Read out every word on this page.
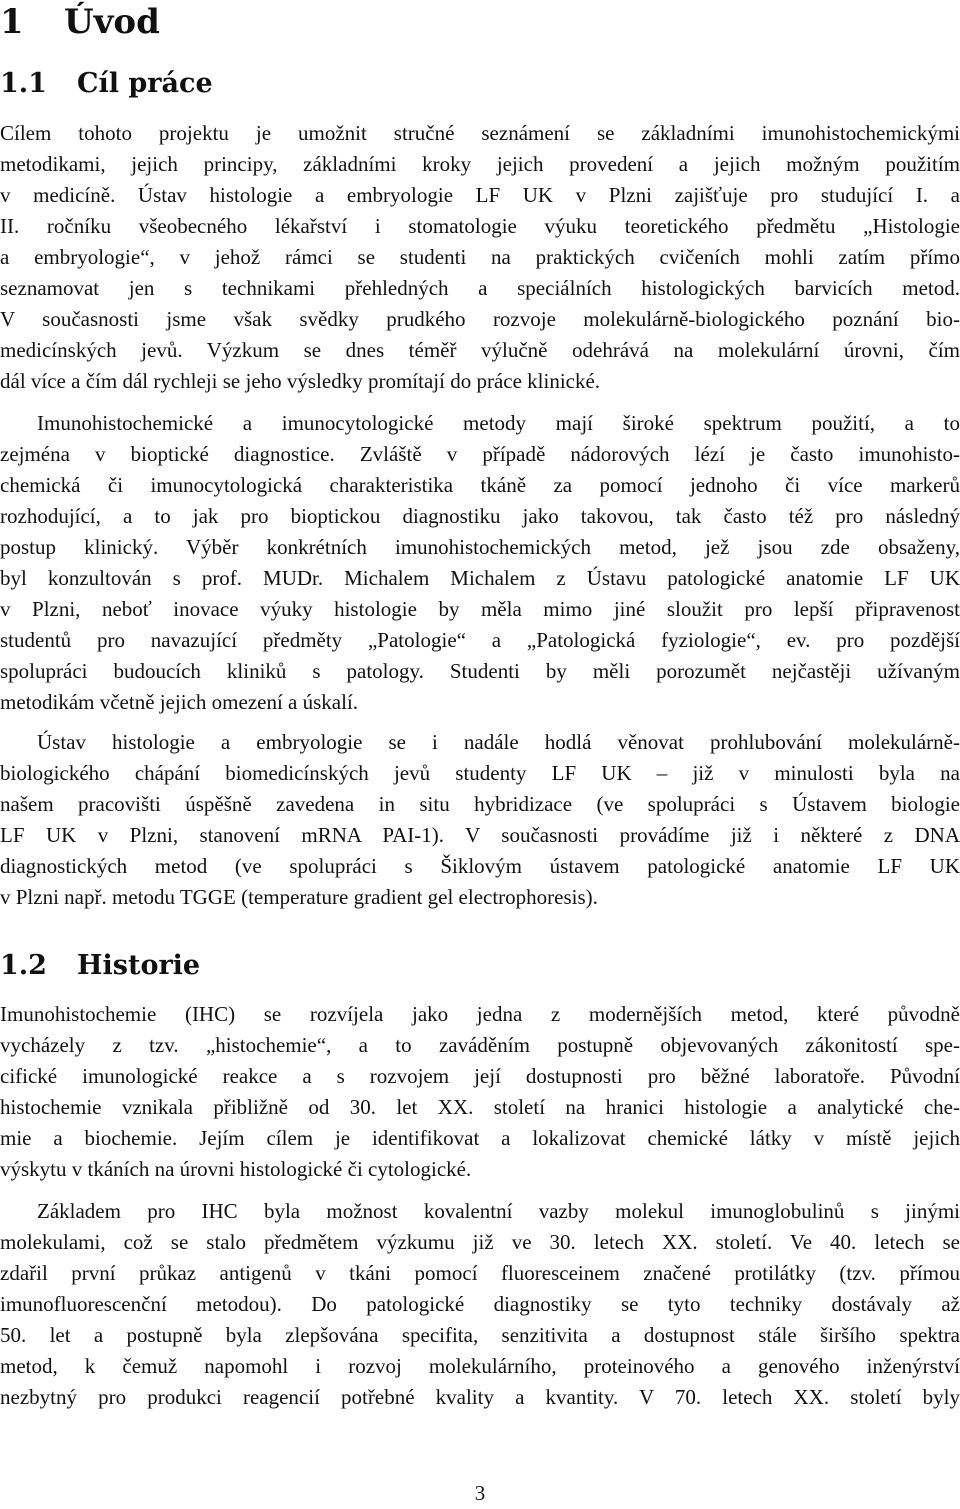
1 Úvod
1.1 Cíl práce
Cílem tohoto projektu je umožnit stručné seznámení se základními imunohistochemickými
metodikami, jejich principy, základními kroky jejich provedení a jejich možným použitím
v medicíně. Ústav histologie a embryologie LF UK v Plzni zajišťuje pro studující I. a
II. ročníku všeobecného lékařství i stomatologie výuku teoretického předmětu „Histologie
a embryologie“, v jehož rámci se studenti na praktických cvičeních mohli zatím přímo
seznamovat jen s technikami přehledných a speciálních histologických barvicích metod.
V současnosti jsme však svědky prudkého rozvoje molekulárně-biologického poznání bio-
medicínských jevů. Výzkum se dnes téměř výlučně odehrává na molekulární úrovni, čím
dál více a čím dál rychleji se jeho výsledky promítají do práce klinické.
Imunohistochemické a imunocytologické metody mají široké spektrum použití, a to
zejména v bioptické diagnostice. Zvláště v případě nádorových lézí je často imunohisto-
chemická či imunocytologická charakteristika tkáně za pomocí jednoho či více markerů
rozhodující, a to jak pro bioptickou diagnostiku jako takovou, tak často též pro následný
postup klinický. Výběr konkrétních imunohistochemických metod, jež jsou zde obsaženy,
byl konzultován s prof. MUDr. Michalem Michalem z Ústavu patologické anatomie LF UK
v Plzni, neboť inovace výuky histologie by měla mimo jiné sloužit pro lepší připravenost
studentů pro navazující předměty „Patologie“ a „Patologická fyziologie“, ev. pro pozdější
spolupráci budoucích kliniků s patology. Studenti by měli porozumět nejčastěji užívaným
metodikám včetně jejich omezení a úskalí.
Ústav histologie a embryologie se i nadále hodlá věnovat prohlubování molekulárně-
biologického chápání biomedicínských jevů studenty LF UK – již v minulosti byla na
našem pracovišti úspěšně zavedena in situ hybridizace (ve spolupráci s Ústavem biologie
LF UK v Plzni, stanovení mRNA PAI-1). V současnosti provádíme již i některé z DNA
diagnostických metod (ve spolupráci s Šiklovým ústavem patologické anatomie LF UK
v Plzni např. metodu TGGE (temperature gradient gel electrophoresis).
1.2 Historie
Imunohistochemie (IHC) se rozvíjela jako jedna z modernějších metod, které původně
vycházely z tzv. „histochemie“, a to zaváděním postupně objevovaných zákonitostí spe-
cifické imunologické reakce a s rozvojem její dostupnosti pro běžné laboratoře. Původní
histochemie vznikala přibližně od 30. let XX. století na hranici histologie a analytické che-
mie a biochemie. Jejím cílem je identifikovat a lokalizovat chemické látky v místě jejich
výskytu v tkáních na úrovni histologické či cytologické.
Základem pro IHC byla možnost kovalentní vazby molekul imunoglobulinů s jinými
molekulami, což se stalo předmětem výzkumu již ve 30. letech XX. století. Ve 40. letech se
zdařil první průkaz antigenů v tkáni pomocí fluoresceinem značené protilátky (tzv. přímou
imunofluorescenční metodou). Do patologické diagnostiky se tyto techniky dostávaly až
50. let a postupně byla zlepšována specifita, senzitivita a dostupnost stále širšího spektra
metod, k čemuž napomohl i rozvoj molekulárního, proteinového a genového inženýrství
nezbytný pro produkci reagencií potřebné kvality a kvantity. V 70. letech XX. století byly
3
